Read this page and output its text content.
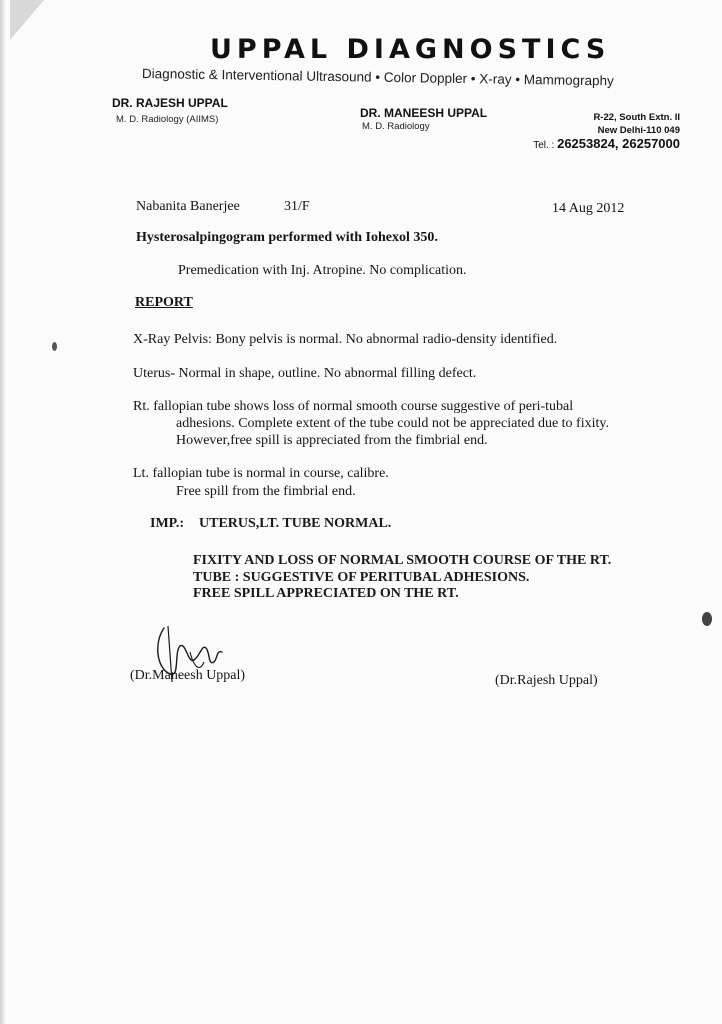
UPPAL DIAGNOSTICS
Diagnostic & Interventional Ultrasound • Color Doppler • X-ray • Mammography
DR. RAJESH UPPAL
M. D. Radiology (AIIMS)	DR. MANEESH UPPAL
M. D. Radiology
R-22, South Extn. II
New Delhi-110 049
Tel. : 26253824, 26257000
Nabanita Banerjee	31/F	14 Aug 2012
Hysterosalpingogram performed with Iohexol 350.
Premedication with Inj. Atropine. No complication.
REPORT
X-Ray Pelvis: Bony pelvis is normal. No abnormal radio-density identified.
Uterus- Normal in shape, outline. No abnormal filling defect.
Rt. fallopian tube shows loss of normal smooth course suggestive of peri-tubal
adhesions. Complete extent of the tube could not be appreciated due to fixity.
However,free spill is appreciated from the fimbrial end.
Lt. fallopian tube is normal in course, calibre.
Free spill from the fimbrial end.
IMP.: UTERUS,LT. TUBE NORMAL.
FIXITY AND LOSS OF NORMAL SMOOTH COURSE OF THE RT.
TUBE : SUGGESTIVE OF PERITUBAL ADHESIONS.
FREE SPILL APPRECIATED ON THE RT.
(Dr.Maneesh Uppal)	(Dr.Rajesh Uppal)
